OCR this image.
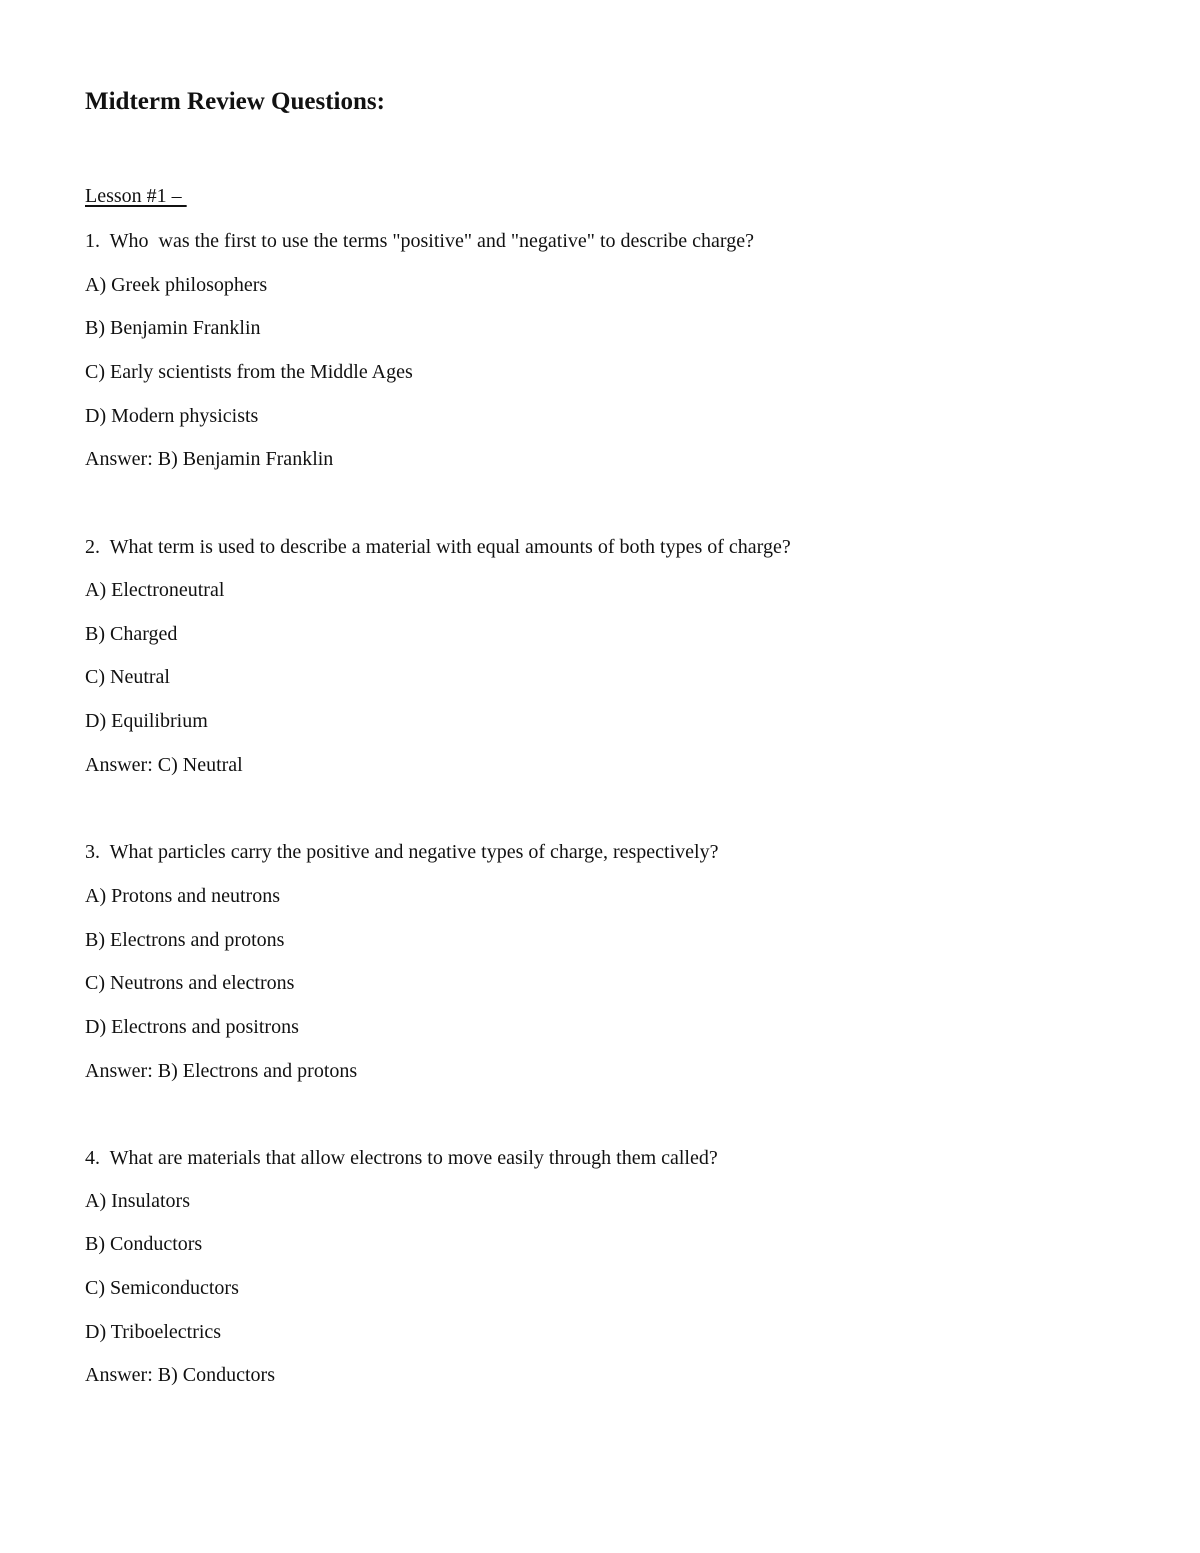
Midterm Review Questions:
Lesson #1 –

1.  Who  was the first to use the terms "positive" and "negative" to describe charge?

A) Greek philosophers

B) Benjamin Franklin

C) Early scientists from the Middle Ages

D) Modern physicists

Answer: B) Benjamin Franklin

2.  What term is used to describe a material with equal amounts of both types of charge?

A) Electroneutral

B) Charged

C) Neutral

D) Equilibrium

Answer: C) Neutral

3.  What particles carry the positive and negative types of charge, respectively?

A) Protons and neutrons

B) Electrons and protons

C) Neutrons and electrons

D) Electrons and positrons

Answer: B) Electrons and protons

4.  What are materials that allow electrons to move easily through them called?

A) Insulators

B) Conductors

C) Semiconductors

D) Triboelectrics

Answer: B) Conductors
